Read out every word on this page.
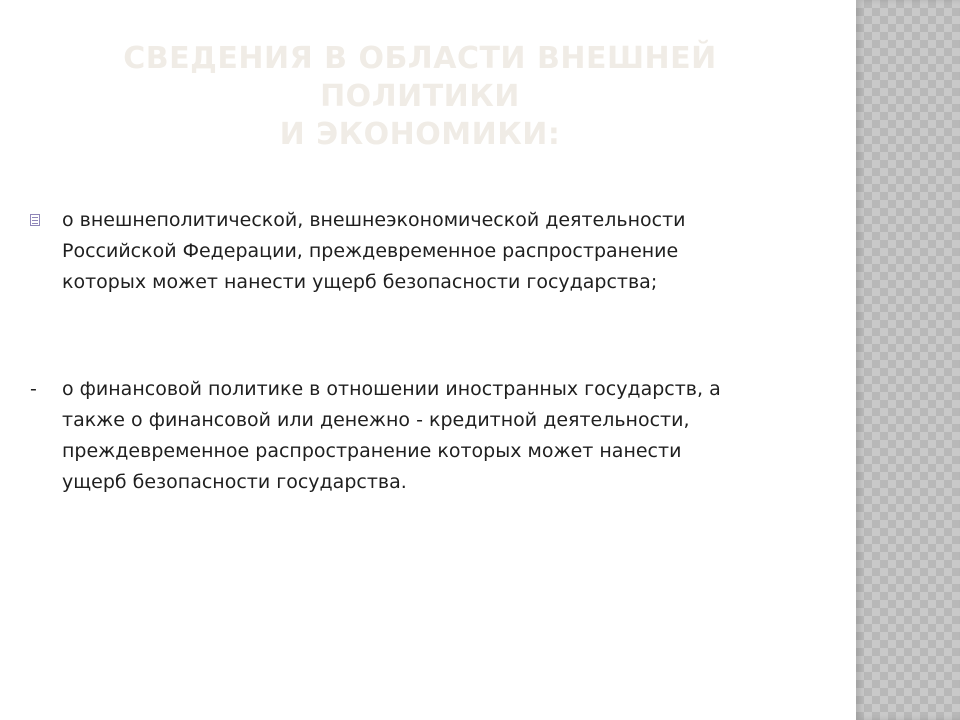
СВЕДЕНИЯ В ОБЛАСТИ ВНЕШНЕЙ ПОЛИТИКИ
И ЭКОНОМИКИ:
о внешнеполитической, внешнеэкономической деятельности
Российской Федерации, преждевременное распространение
которых может нанести ущерб безопасности государства;
- о финансовой политике в отношении иностранных государств, а
также о финансовой или денежно - кредитной деятельности,
преждевременное распространение которых может нанести
ущерб безопасности государства.
